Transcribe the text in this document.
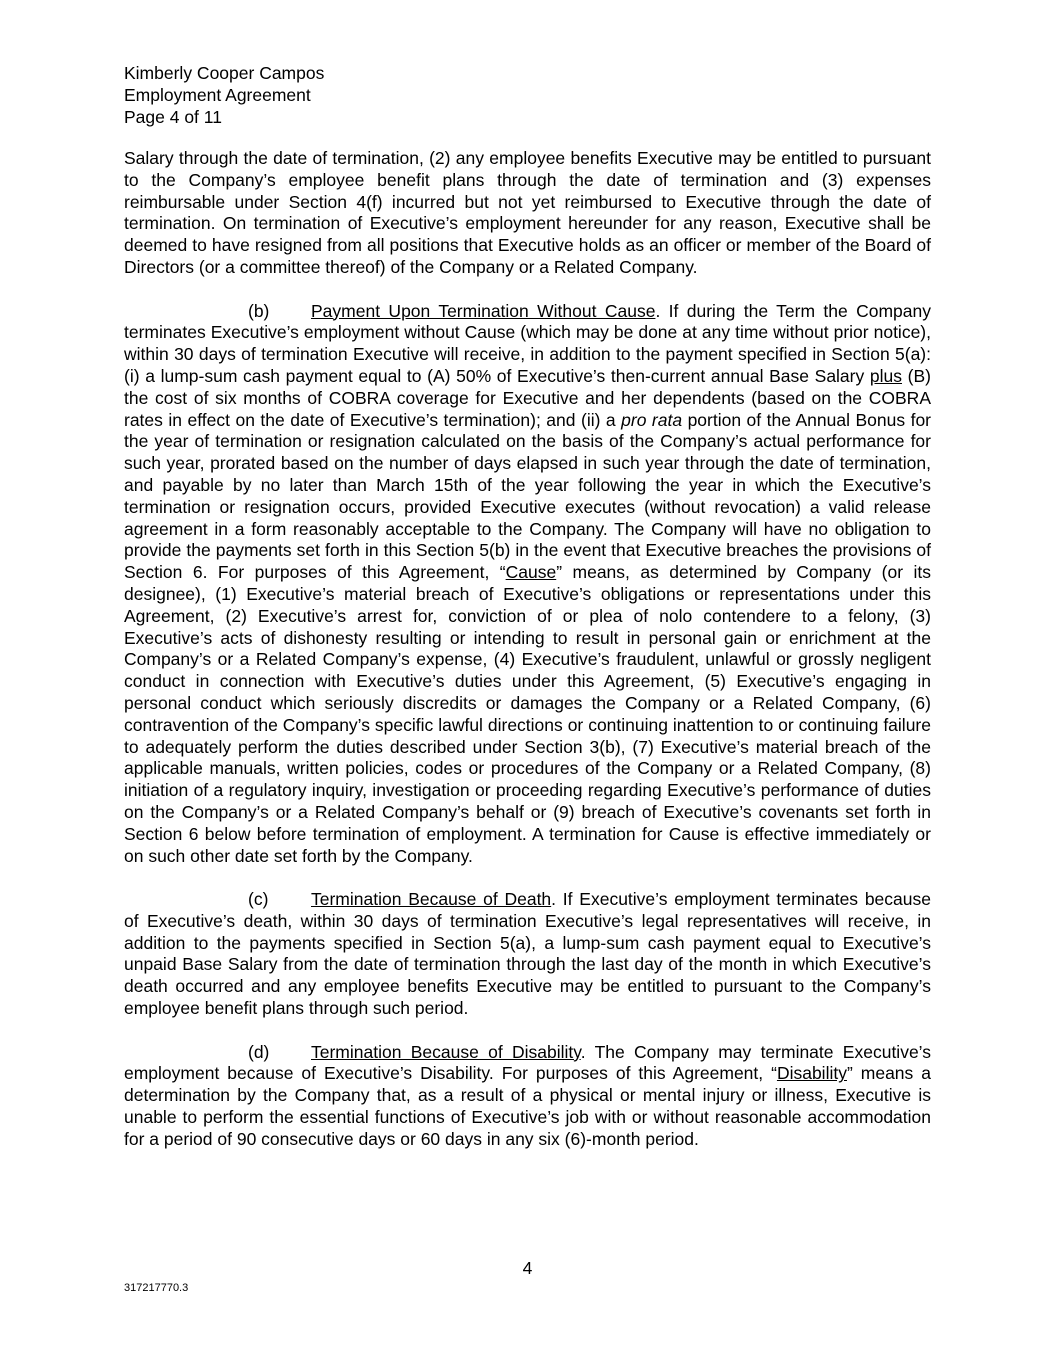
Kimberly Cooper Campos
Employment Agreement
Page 4 of 11

Salary through the date of termination, (2) any employee benefits Executive may be entitled to pursuant to the Company’s employee benefit plans through the date of termination and (3) expenses reimbursable under Section 4(f) incurred but not yet reimbursed to Executive through the date of termination. On termination of Executive’s employment hereunder for any reason, Executive shall be deemed to have resigned from all positions that Executive holds as an officer or member of the Board of Directors (or a committee thereof) of the Company or a Related Company.

(b) Payment Upon Termination Without Cause. If during the Term the Company terminates Executive’s employment without Cause (which may be done at any time without prior notice), within 30 days of termination Executive will receive, in addition to the payment specified in Section 5(a): (i) a lump-sum cash payment equal to (A) 50% of Executive’s then-current annual Base Salary plus (B) the cost of six months of COBRA coverage for Executive and her dependents (based on the COBRA rates in effect on the date of Executive’s termination); and (ii) a pro rata portion of the Annual Bonus for the year of termination or resignation calculated on the basis of the Company’s actual performance for such year, prorated based on the number of days elapsed in such year through the date of termination, and payable by no later than March 15th of the year following the year in which the Executive’s termination or resignation occurs, provided Executive executes (without revocation) a valid release agreement in a form reasonably acceptable to the Company. The Company will have no obligation to provide the payments set forth in this Section 5(b) in the event that Executive breaches the provisions of Section 6. For purposes of this Agreement, “Cause” means, as determined by Company (or its designee), (1) Executive’s material breach of Executive’s obligations or representations under this Agreement, (2) Executive’s arrest for, conviction of or plea of nolo contendere to a felony, (3) Executive’s acts of dishonesty resulting or intending to result in personal gain or enrichment at the Company’s or a Related Company’s expense, (4) Executive’s fraudulent, unlawful or grossly negligent conduct in connection with Executive’s duties under this Agreement, (5) Executive’s engaging in personal conduct which seriously discredits or damages the Company or a Related Company, (6) contravention of the Company’s specific lawful directions or continuing inattention to or continuing failure to adequately perform the duties described under Section 3(b), (7) Executive’s material breach of the applicable manuals, written policies, codes or procedures of the Company or a Related Company, (8) initiation of a regulatory inquiry, investigation or proceeding regarding Executive’s performance of duties on the Company’s or a Related Company’s behalf or (9) breach of Executive’s covenants set forth in Section 6 below before termination of employment. A termination for Cause is effective immediately or on such other date set forth by the Company.

(c) Termination Because of Death. If Executive’s employment terminates because of Executive’s death, within 30 days of termination Executive’s legal representatives will receive, in addition to the payments specified in Section 5(a), a lump-sum cash payment equal to Executive’s unpaid Base Salary from the date of termination through the last day of the month in which Executive’s death occurred and any employee benefits Executive may be entitled to pursuant to the Company’s employee benefit plans through such period.

(d) Termination Because of Disability. The Company may terminate Executive’s employment because of Executive’s Disability. For purposes of this Agreement, “Disability” means a determination by the Company that, as a result of a physical or mental injury or illness, Executive is unable to perform the essential functions of Executive’s job with or without reasonable accommodation for a period of 90 consecutive days or 60 days in any six (6)-month period.

4
317217770.3
